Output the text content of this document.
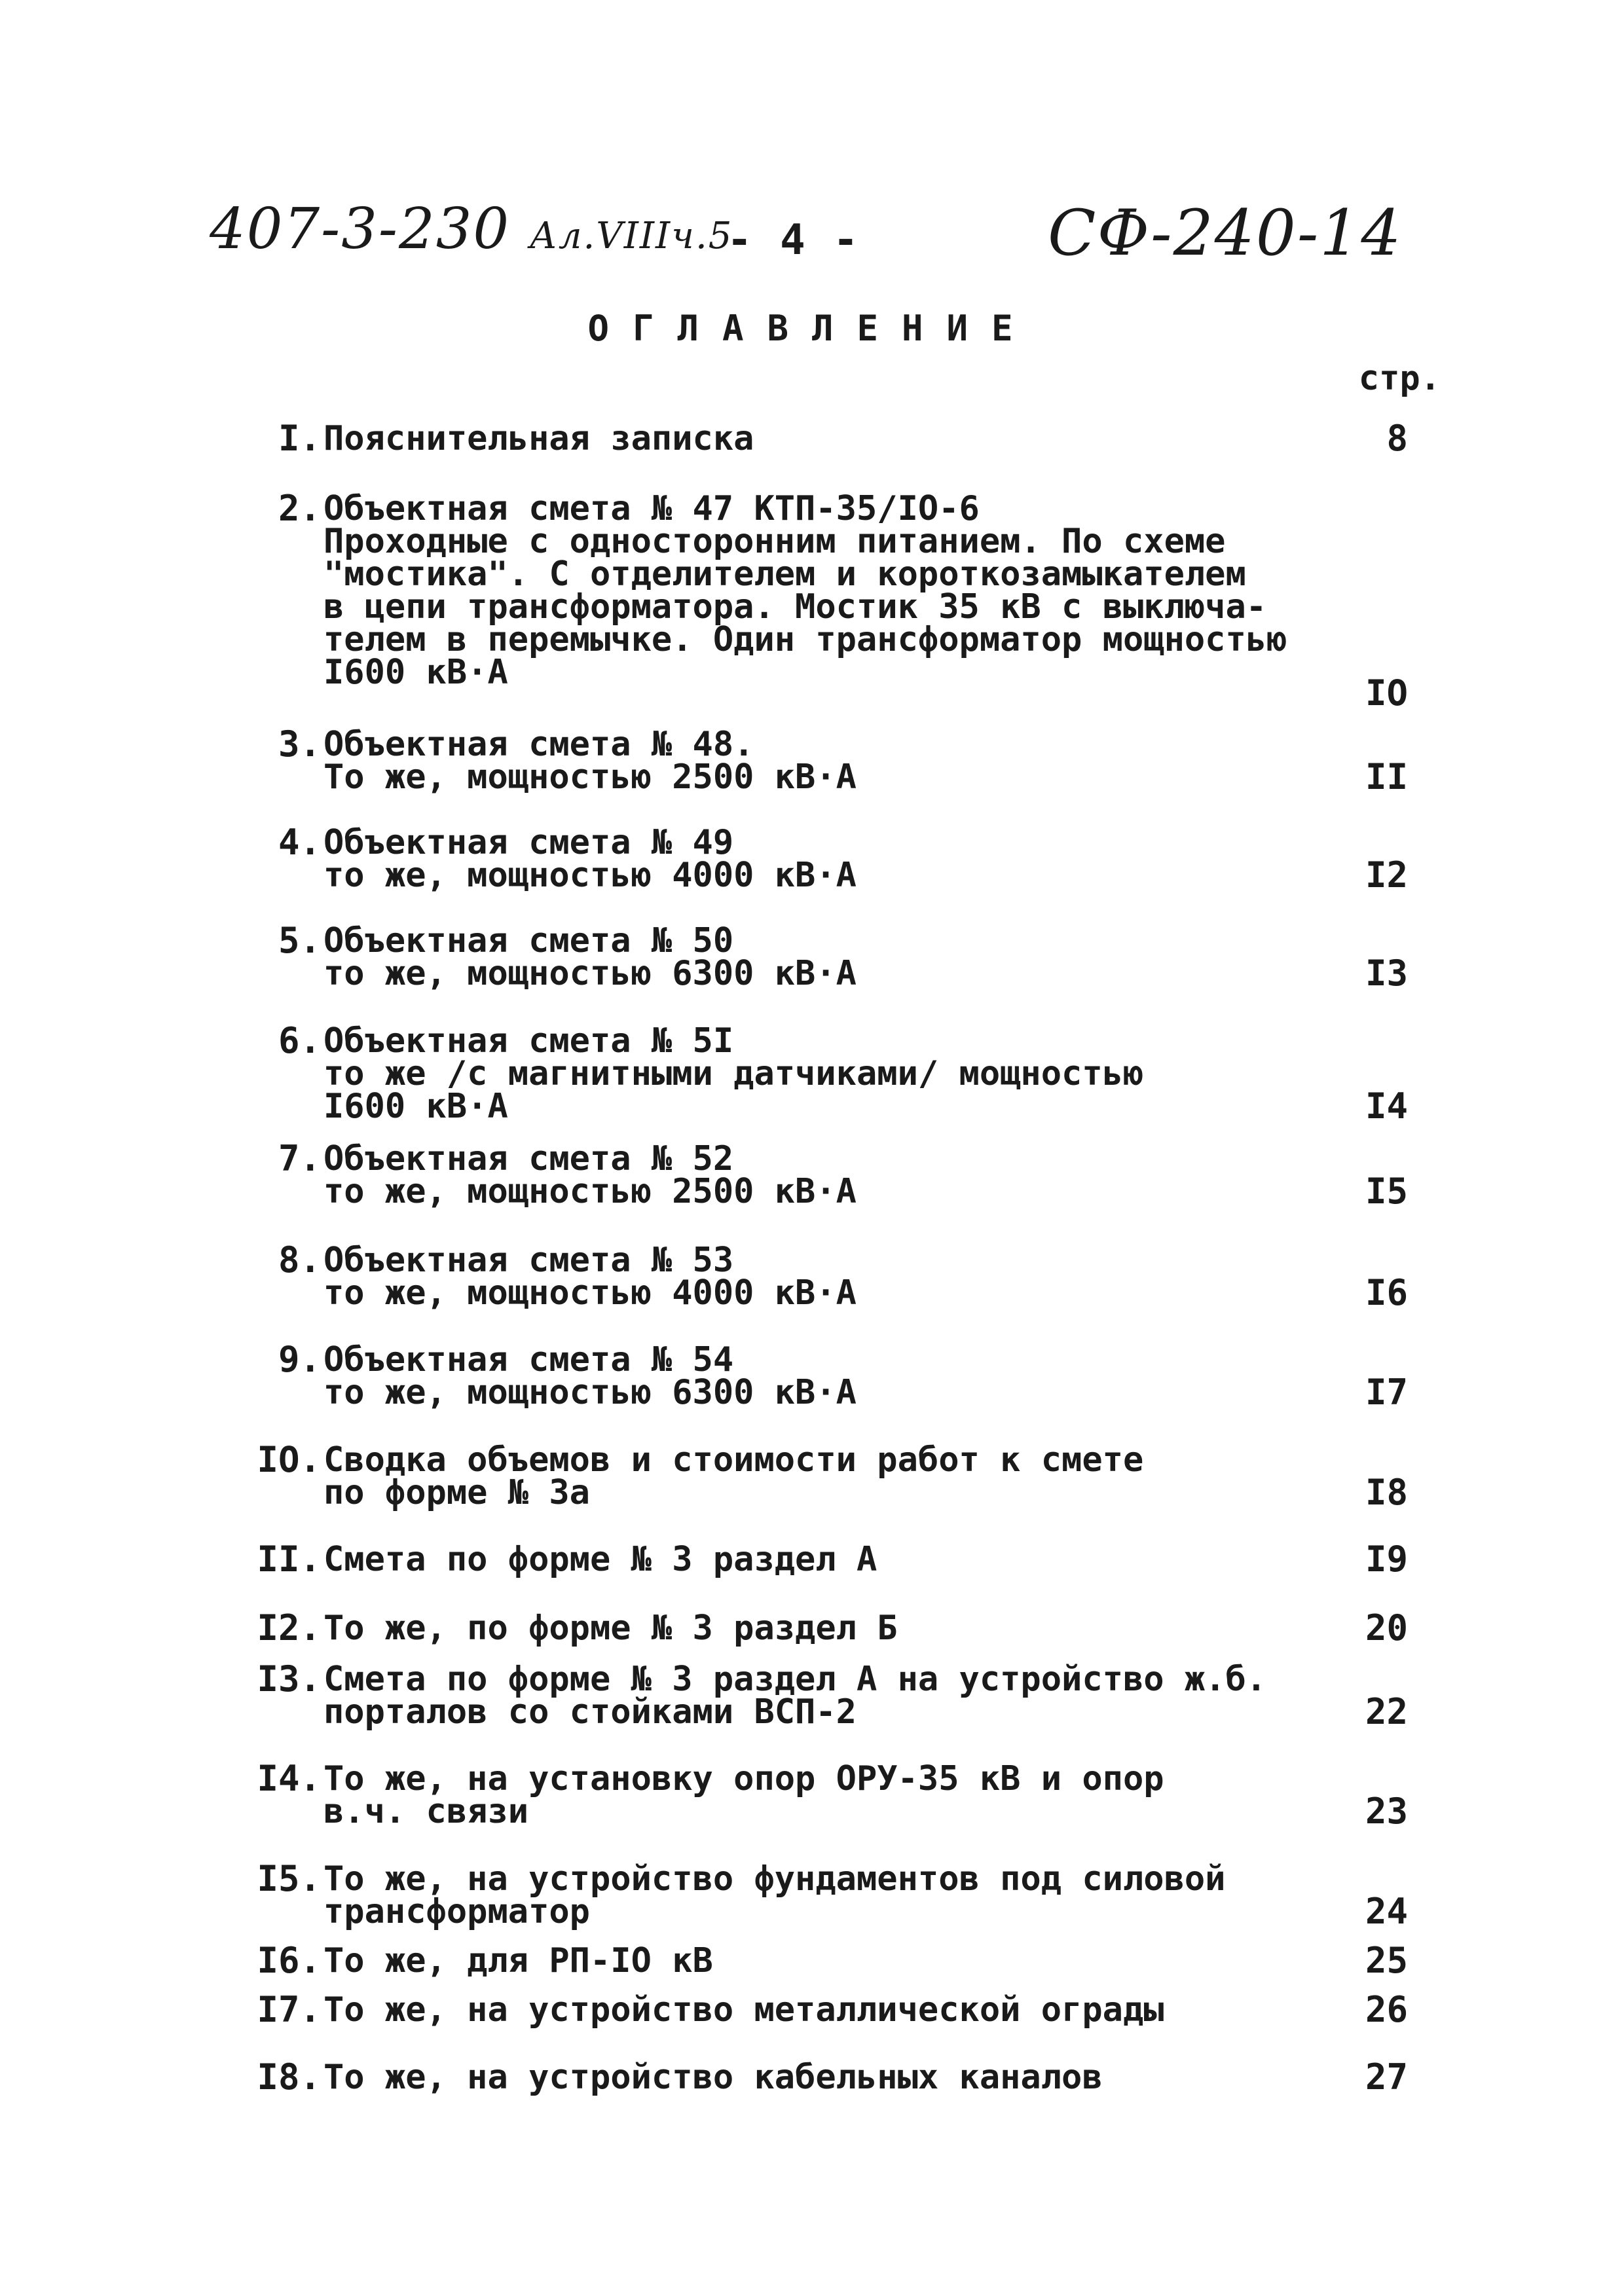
407-3-230 Ал.VIIIч.5
- 4 -	СФ-240-14
ОГЛАВЛЕНИЕ
стр.
I. Пояснительная записка	8
2. Объектная смета № 47 КТП-35/IO-6
Проходные с односторонним питанием. По схеме
"мостика". С отделителем и короткозамыкателем
в цепи трансформатора. Мостик 35 кВ с выключа-
телем в перемычке. Один трансформатор мощностью
I600 кВ·А	IO
3. Объектная смета № 48.
То же, мощностью 2500 кВ·А	II
4. Объектная смета № 49
то же, мощностью 4000 кВ·А	I2
5. Объектная смета № 50
то же, мощностью 6300 кВ·А	I3
6. Объектная смета № 5I
то же /с магнитными датчиками/ мощностью
I600 кВ·А	I4
7. Объектная смета № 52
то же, мощностью 2500 кВ·А	I5
8. Объектная смета № 53
то же, мощностью 4000 кВ·А	I6
9. Объектная смета № 54
то же, мощностью 6300 кВ·А	I7
IO. Сводка объемов и стоимости работ к смете
по форме № 3а	I8
II. Смета по форме № 3 раздел А	I9
I2. То же, по форме № 3 раздел Б	20
I3. Смета по форме № 3 раздел А на устройство ж.б.
порталов со стойками ВСП-2	22
I4. То же, на установку опор ОРУ-35 кВ и опор
в.ч. связи	23
I5. То же, на устройство фундаментов под силовой
трансформатор	24
I6. То же, для РП-IO кВ	25
I7. То же, на устройство металлической ограды	26
I8. То же, на устройство кабельных каналов	27
